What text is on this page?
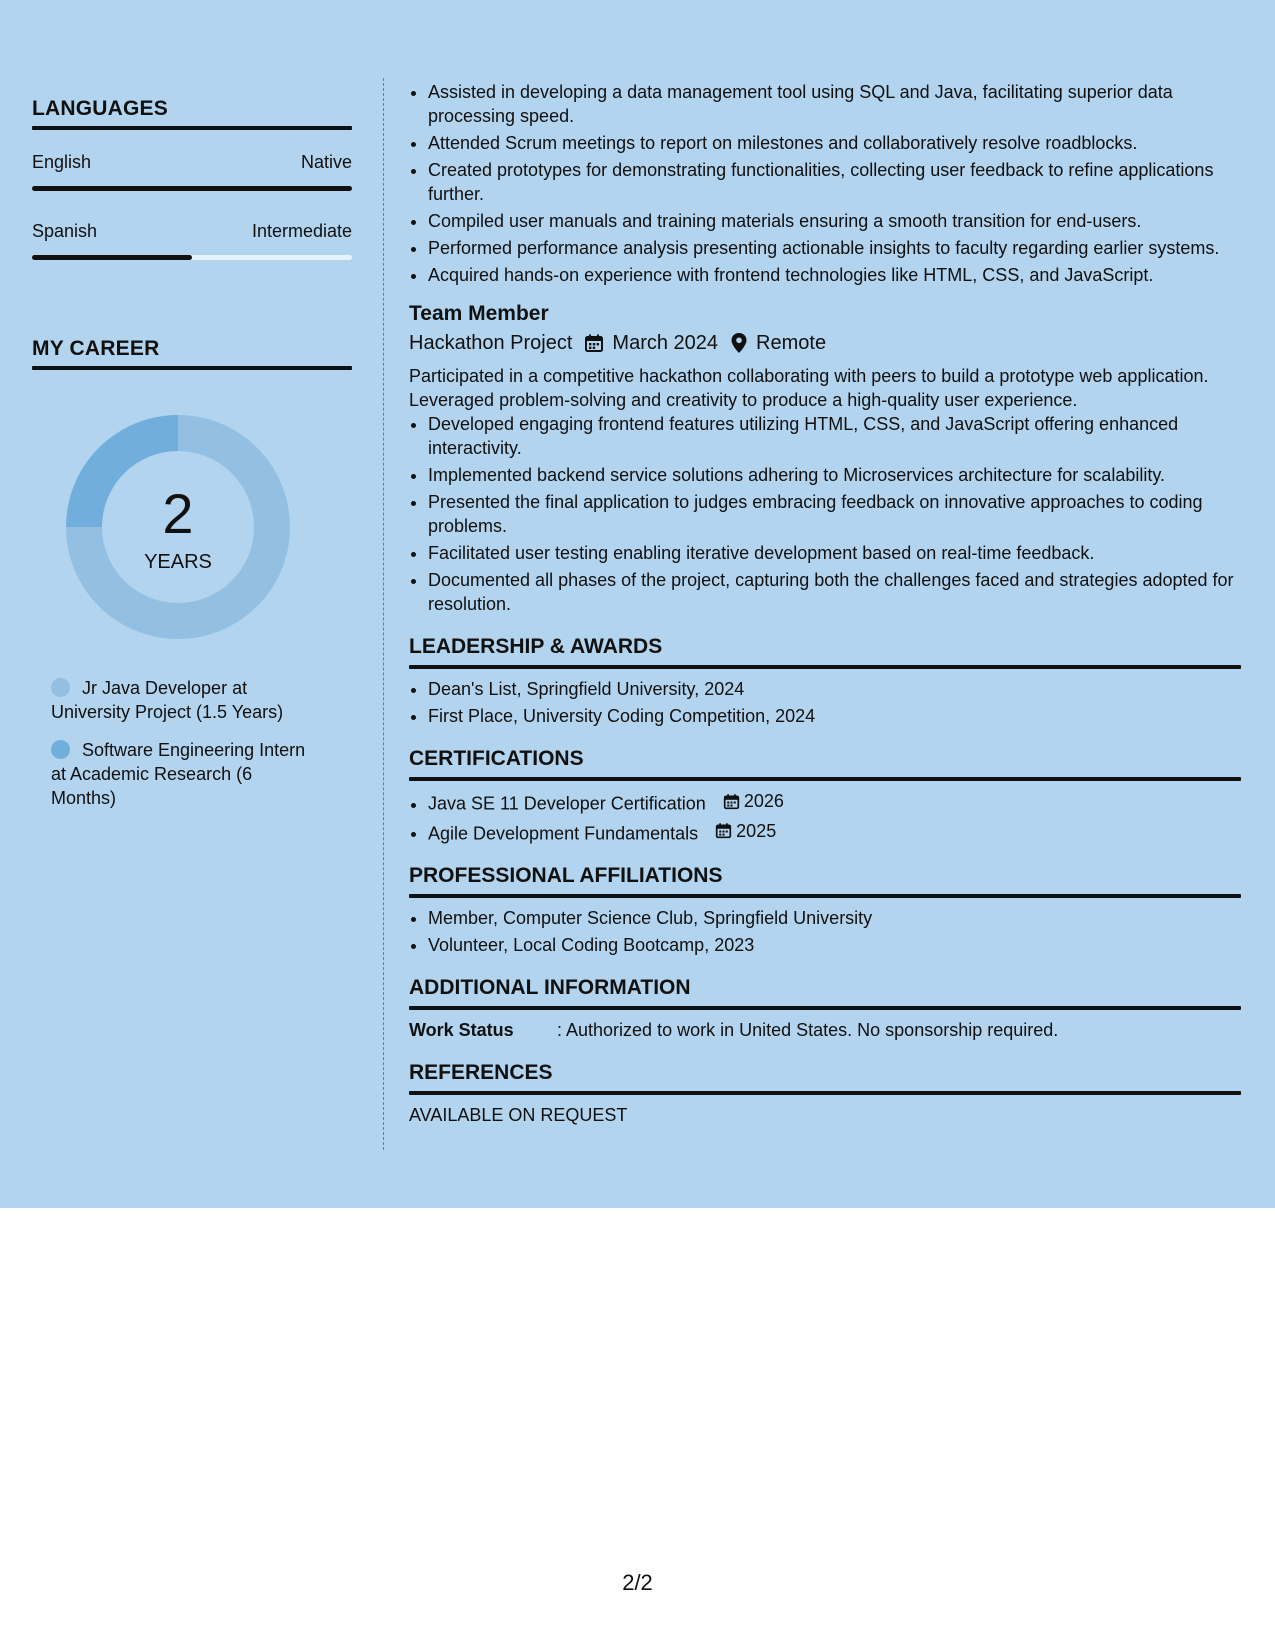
LANGUAGES
English	Native
Spanish	Intermediate
MY CAREER
2
YEARS
Jr Java Developer at University Project (1.5 Years)
Software Engineering Intern at Academic Research (6 Months)
• Assisted in developing a data management tool using SQL and Java, facilitating superior data processing speed.
• Attended Scrum meetings to report on milestones and collaboratively resolve roadblocks.
• Created prototypes for demonstrating functionalities, collecting user feedback to refine applications further.
• Compiled user manuals and training materials ensuring a smooth transition for end-users.
• Performed performance analysis presenting actionable insights to faculty regarding earlier systems.
• Acquired hands-on experience with frontend technologies like HTML, CSS, and JavaScript.
Team Member
Hackathon Project March 2024 Remote
Participated in a competitive hackathon collaborating with peers to build a prototype web application. Leveraged problem-solving and creativity to produce a high-quality user experience.
• Developed engaging frontend features utilizing HTML, CSS, and JavaScript offering enhanced interactivity.
• Implemented backend service solutions adhering to Microservices architecture for scalability.
• Presented the final application to judges embracing feedback on innovative approaches to coding problems.
• Facilitated user testing enabling iterative development based on real-time feedback.
• Documented all phases of the project, capturing both the challenges faced and strategies adopted for resolution.
LEADERSHIP & AWARDS
• Dean's List, Springfield University, 2024
• First Place, University Coding Competition, 2024
CERTIFICATIONS
• Java SE 11 Developer Certification 2026
• Agile Development Fundamentals 2025
PROFESSIONAL AFFILIATIONS
• Member, Computer Science Club, Springfield University
• Volunteer, Local Coding Bootcamp, 2023
ADDITIONAL INFORMATION
Work Status	: Authorized to work in United States. No sponsorship required.
REFERENCES
AVAILABLE ON REQUEST
2/2
